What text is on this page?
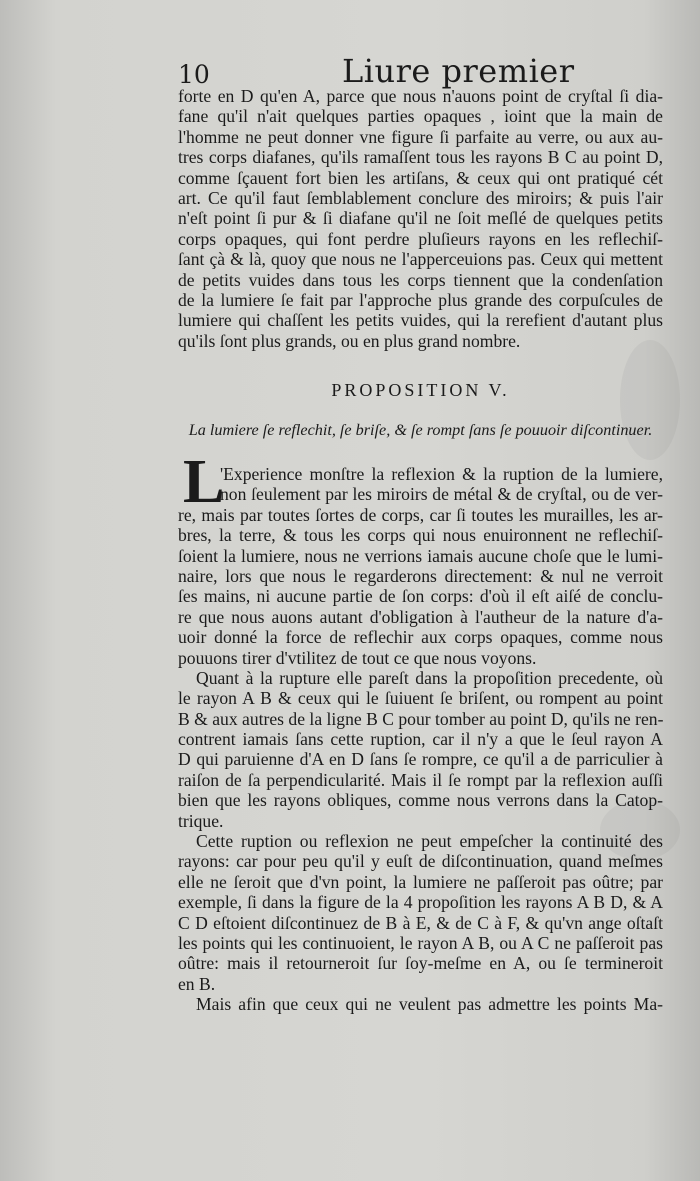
10	Liure premier
forte en D qu'en A, parce que nous n'auons point de cryſtal ſi dia-
fane qu'il n'ait quelques parties opaques , ioint que la main de
l'homme ne peut donner vne figure ſi parfaite au verre, ou aux au-
tres corps diafanes, qu'ils ramaſſent tous les rayons B C au point D,
comme ſçauent fort bien les artiſans, & ceux qui ont pratiqué cét
art. Ce qu'il faut ſemblablement conclure des miroirs; & puis l'air
n'eſt point ſi pur & ſi diafane qu'il ne ſoit meſlé de quelques petits
corps opaques, qui font perdre pluſieurs rayons en les reflechiſ-
ſant çà & là, quoy que nous ne l'apperceuions pas. Ceux qui mettent
de petits vuides dans tous les corps tiennent que la condenſation
de la lumiere ſe fait par l'approche plus grande des corpuſcules de
lumiere qui chaſſent les petits vuides, qui la rerefient d'autant plus
qu'ils ſont plus grands, ou en plus grand nombre.
PROPOSITION V.
La lumiere ſe reflechit, ſe briſe, & ſe rompt ſans ſe pouuoir diſcontinuer.
L
'Experience monſtre la reflexion & la ruption de la lumiere,
non ſeulement par les miroirs de métal & de cryſtal, ou de ver-
re, mais par toutes ſortes de corps, car ſi toutes les murailles, les ar-
bres, la terre, & tous les corps qui nous enuironnent ne reflechiſ-
ſoient la lumiere, nous ne verrions iamais aucune choſe que le lumi-
naire, lors que nous le regarderons directement: & nul ne verroit
ſes mains, ni aucune partie de ſon corps: d'où il eſt aiſé de conclu-
re que nous auons autant d'obligation à l'autheur de la nature d'a-
uoir donné la force de reflechir aux corps opaques, comme nous
pouuons tirer d'vtilitez de tout ce que nous voyons.
Quant à la rupture elle pareſt dans la propoſition precedente, où
le rayon A B & ceux qui le ſuiuent ſe briſent, ou rompent au point
B & aux autres de la ligne B C pour tomber au point D, qu'ils ne ren-
contrent iamais ſans cette ruption, car il n'y a que le ſeul rayon A
D qui paruienne d'A en D ſans ſe rompre, ce qu'il a de parriculier à
raiſon de ſa perpendicularité. Mais il ſe rompt par la reflexion auſſi
bien que les rayons obliques, comme nous verrons dans la Catop-
trique.
Cette ruption ou reflexion ne peut empeſcher la continuité des
rayons: car pour peu qu'il y euſt de diſcontinuation, quand meſmes
elle ne ſeroit que d'vn point, la lumiere ne paſſeroit pas oûtre; par
exemple, ſi dans la figure de la 4 propoſition les rayons A B D, & A
C D eſtoient diſcontinuez de B à E, & de C à F, & qu'vn ange oſtaſt
les points qui les continuoient, le rayon A B, ou A C ne paſſeroit pas
oûtre: mais il retourneroit ſur ſoy-meſme en A, ou ſe termineroit
en B.
Mais afin que ceux qui ne veulent pas admettre les points Ma-
